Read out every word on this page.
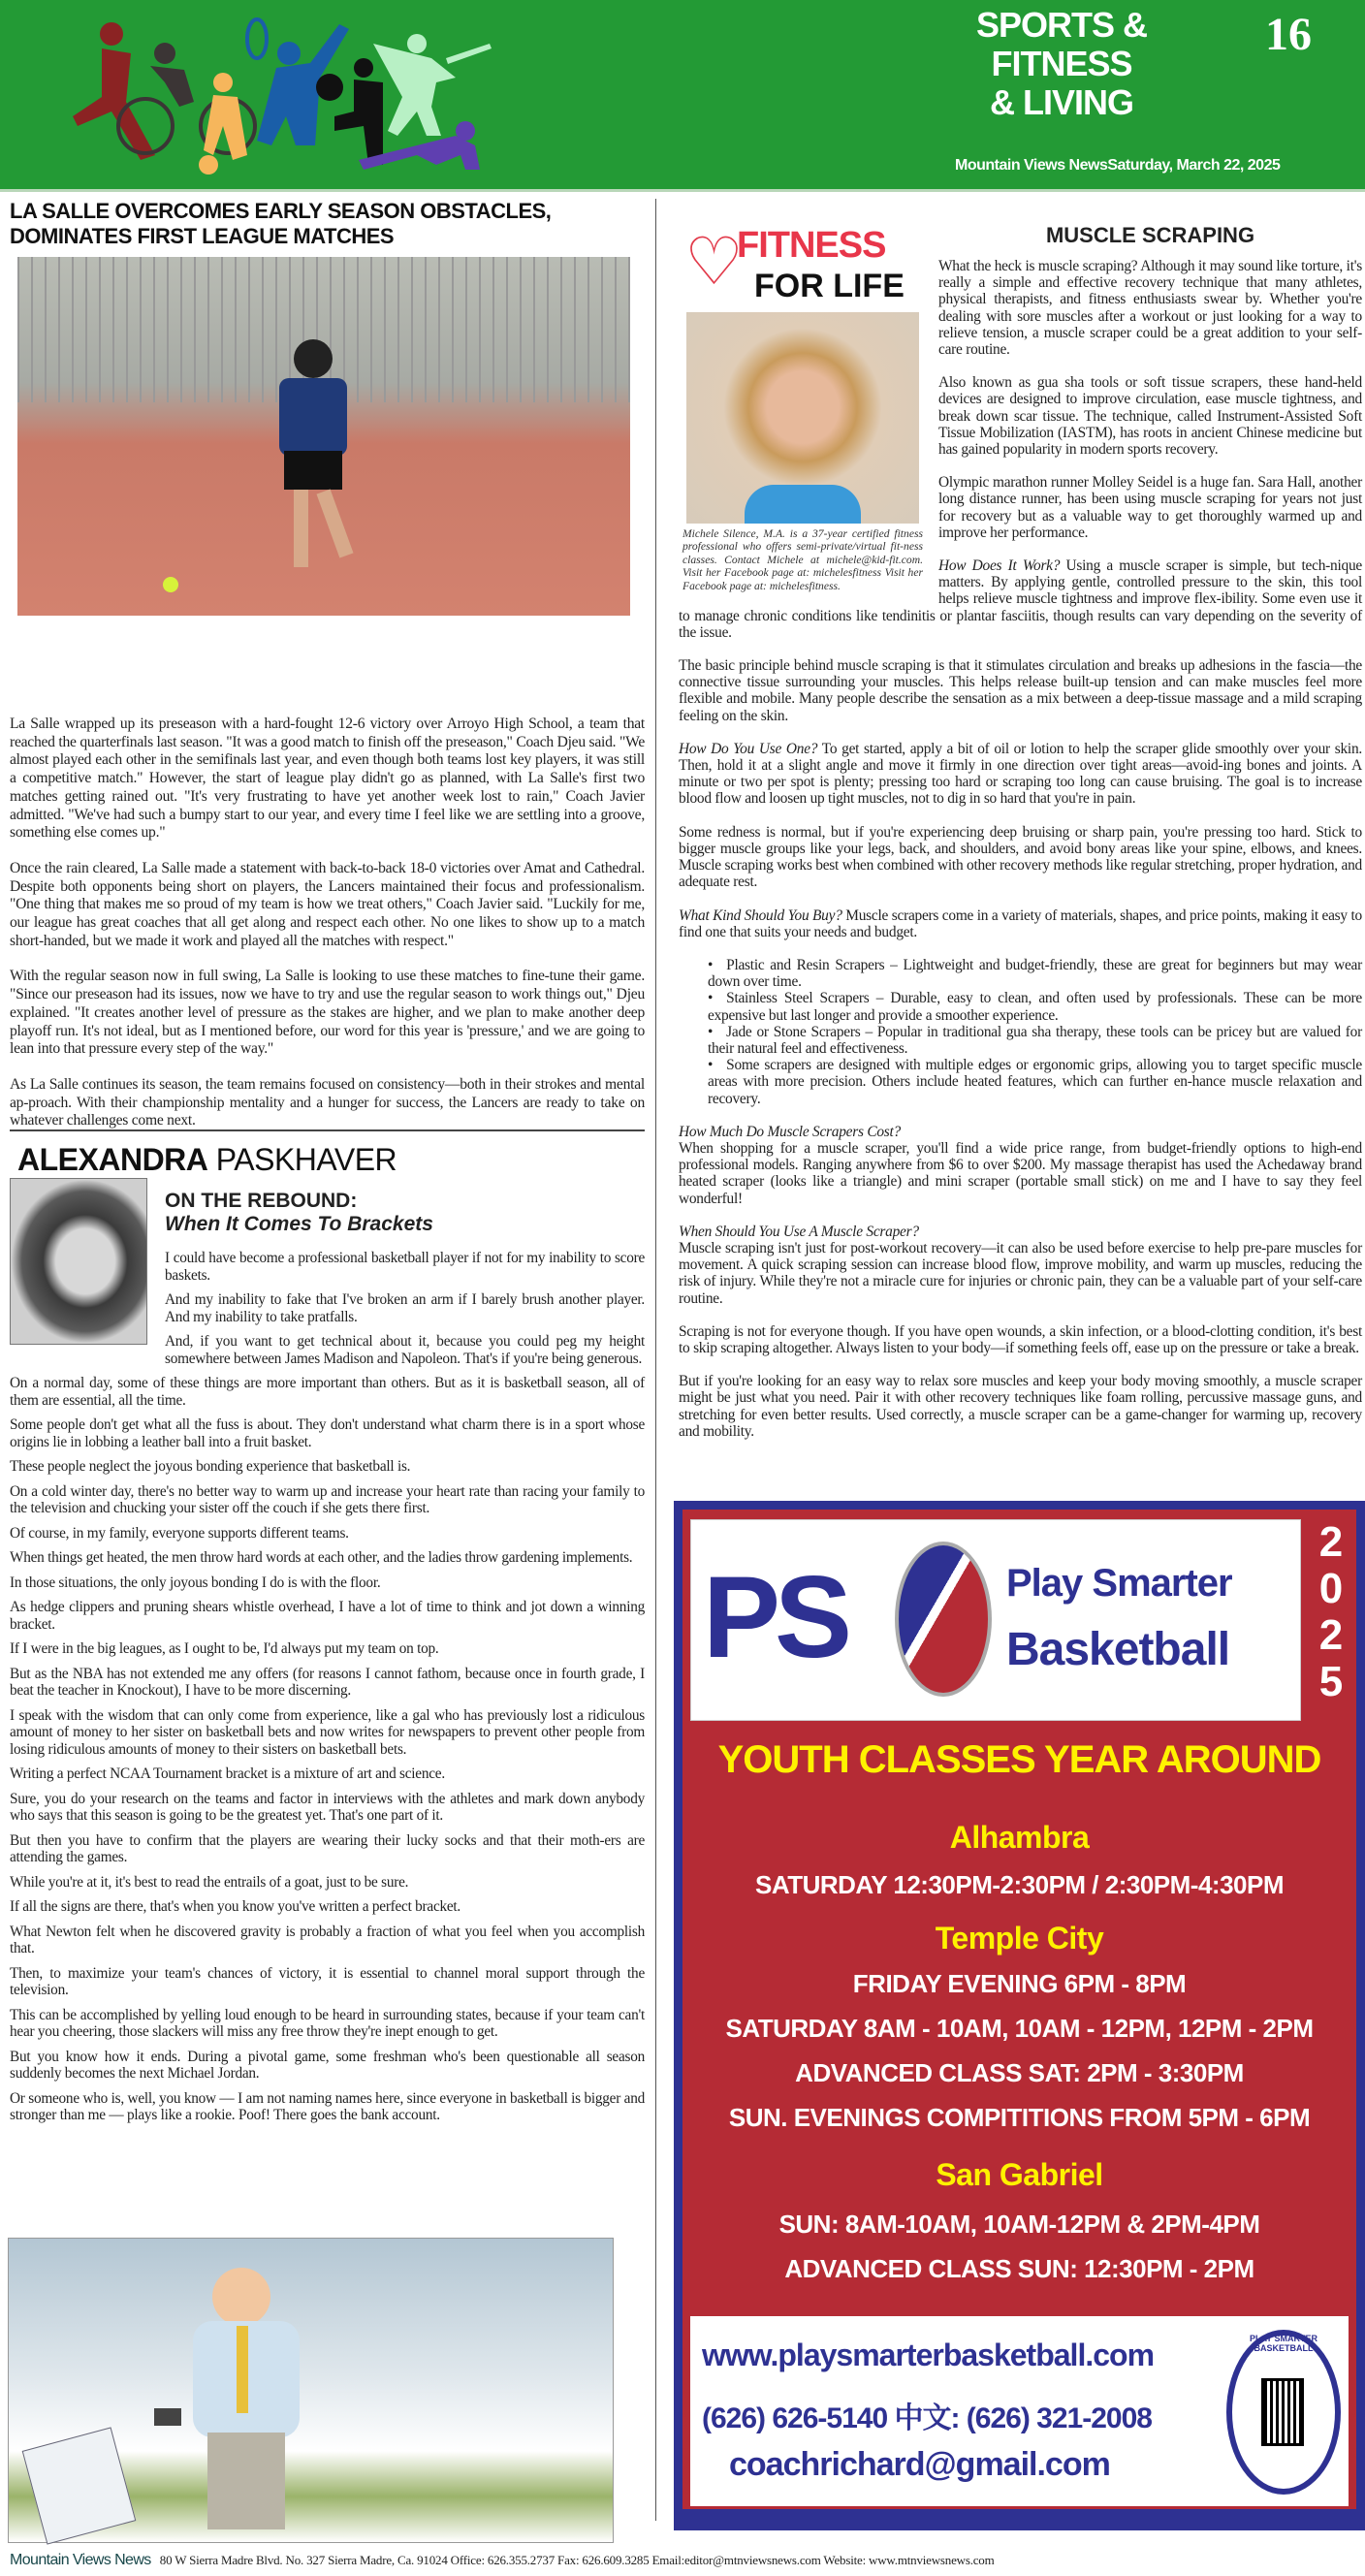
SPORTS &
FITNESS
& LIVING
16
Mountain Views NewsSaturday, March 22, 2025
LA SALLE OVERCOMES EARLY SEASON OBSTACLES, DOMINATES FIRST LEAGUE MATCHES

La Salle wrapped up its preseason with a hard-fought 12-6 victory over Arroyo High School, a team that reached the quarterfinals last season. "It was a good match to finish off the preseason," Coach Djeu said. "We almost played each other in the semifinals last year, and even though both teams lost key players, it was still a competitive match." However, the start of league play didn't go as planned, with La Salle's first two matches getting rained out. "It's very frustrating to have yet another week lost to rain," Coach Javier admitted. "We've had such a bumpy start to our year, and every time I feel like we are settling into a groove, something else comes up."

Once the rain cleared, La Salle made a statement with back-to-back 18-0 victories over Amat and Cathedral. Despite both opponents being short on players, the Lancers maintained their focus and professionalism. "One thing that makes me so proud of my team is how we treat others," Coach Javier said. "Luckily for me, our league has great coaches that all get along and respect each other. No one likes to show up to a match short-handed, but we made it work and played all the matches with respect."

With the regular season now in full swing, La Salle is looking to use these matches to fine-tune their game. "Since our preseason had its issues, now we have to try and use the regular season to work things out," Djeu explained. "It creates another level of pressure as the stakes are higher, and we plan to make another deep playoff run. It's not ideal, but as I mentioned before, our word for this year is 'pressure,' and we are going to lean into that pressure every step of the way."

As La Salle continues its season, the team remains focused on consistency—both in their strokes and mental ap-proach. With their championship mentality and a hunger for success, the Lancers are ready to take on whatever challenges come next.

ALEXANDRA PASKHAVER
ON THE REBOUND:
When It Comes To Brackets

I could have become a professional basketball player if not for my inability to score baskets.

And my inability to fake that I've broken an arm if I barely brush another player. And my inability to take pratfalls.

And, if you want to get technical about it, because you could peg my height somewhere between James Madison and Napoleon. That's if you're being generous.

On a normal day, some of these things are more important than others. But as it is basketball season, all of them are essential, all the time.

Some people don't get what all the fuss is about. They don't understand what charm there is in a sport whose origins lie in lobbing a leather ball into a fruit basket.

These people neglect the joyous bonding experience that basketball is.

On a cold winter day, there's no better way to warm up and increase your heart rate than racing your family to the television and chucking your sister off the couch if she gets there first.

Of course, in my family, everyone supports different teams.

When things get heated, the men throw hard words at each other, and the ladies throw gardening implements.

In those situations, the only joyous bonding I do is with the floor.

As hedge clippers and pruning shears whistle overhead, I have a lot of time to think and jot down a winning bracket.

If I were in the big leagues, as I ought to be, I'd always put my team on top.

But as the NBA has not extended me any offers (for reasons I cannot fathom, because once in fourth grade, I beat the teacher in Knockout), I have to be more discerning.

I speak with the wisdom that can only come from experience, like a gal who has previously lost a ridiculous amount of money to her sister on basketball bets and now writes for newspapers to prevent other people from losing ridiculous amounts of money to their sisters on basketball bets.

Writing a perfect NCAA Tournament bracket is a mixture of art and science.

Sure, you do your research on the teams and factor in interviews with the athletes and mark down anybody who says that this season is going to be the greatest yet. That's one part of it.

But then you have to confirm that the players are wearing their lucky socks and that their moth-ers are attending the games.

While you're at it, it's best to read the entrails of a goat, just to be sure.

If all the signs are there, that's when you know you've written a perfect bracket.

What Newton felt when he discovered gravity is probably a fraction of what you feel when you accomplish that.

Then, to maximize your team's chances of victory, it is essential to channel moral support through the television.

This can be accomplished by yelling loud enough to be heard in surrounding states, because if your team can't hear you cheering, those slackers will miss any free throw they're inept enough to get.

But you know how it ends. During a pivotal game, some freshman who's been questionable all season suddenly becomes the next Michael Jordan.

Or someone who is, well, you know — I am not naming names here, since everyone in basketball is bigger and stronger than me — plays like a rookie. Poof! There goes the bank account.

♡
FITNESS
FOR LIFE
Michele Silence, M.A. is a 37-year certified fitness professional who offers semi-private/virtual fit-ness classes. Contact Michele at michele@kid-fit.com. Visit her Facebook page at: michelesfitness Visit her Facebook page at: michelesfitness.
MUSCLE SCRAPING

What the heck is muscle scraping? Although it may sound like torture, it's really a simple and effective recovery technique that many athletes, physical therapists, and fitness enthusiasts swear by. Whether you're dealing with sore muscles after a workout or just looking for a way to relieve tension, a muscle scraper could be a great addition to your self-care routine.

Also known as gua sha tools or soft tissue scrapers, these hand-held devices are designed to improve circulation, ease muscle tightness, and break down scar tissue. The technique, called Instrument-Assisted Soft Tissue Mobilization (IASTM), has roots in ancient Chinese medicine but has gained popularity in modern sports recovery.

Olympic marathon runner Molley Seidel is a huge fan. Sara Hall, another long distance runner, has been using muscle scraping for years not just for recovery but as a valuable way to get thoroughly warmed up and improve her performance.

How Does It Work? Using a muscle scraper is simple, but tech-nique matters. By applying gentle, controlled pressure to the skin, this tool helps relieve muscle tightness and improve flex-ibility. Some even use it to manage chronic conditions like tendinitis or plantar fasciitis, though results can vary depending on the severity of the issue.

The basic principle behind muscle scraping is that it stimulates circulation and breaks up adhesions in the fascia—the connective tissue surrounding your muscles. This helps release built-up tension and can make muscles feel more flexible and mobile. Many people describe the sensation as a mix between a deep-tissue massage and a mild scraping feeling on the skin.

How Do You Use One? To get started, apply a bit of oil or lotion to help the scraper glide smoothly over your skin. Then, hold it at a slight angle and move it firmly in one direction over tight areas—avoid-ing bones and joints. A minute or two per spot is plenty; pressing too hard or scraping too long can cause bruising. The goal is to increase blood flow and loosen up tight muscles, not to dig in so hard that you're in pain.

Some redness is normal, but if you're experiencing deep bruising or sharp pain, you're pressing too hard. Stick to bigger muscle groups like your legs, back, and shoulders, and avoid bony areas like your spine, elbows, and knees. Muscle scraping works best when combined with other recovery methods like regular stretching, proper hydration, and adequate rest.

What Kind Should You Buy? Muscle scrapers come in a variety of materials, shapes, and price points, making it easy to find one that suits your needs and budget.

• Plastic and Resin Scrapers – Lightweight and budget-friendly, these are great for beginners but may wear down over time.
• Stainless Steel Scrapers – Durable, easy to clean, and often used by professionals. These can be more expensive but last longer and provide a smoother experience.
• Jade or Stone Scrapers – Popular in traditional gua sha therapy, these tools can be pricey but are valued for their natural feel and effectiveness.
• Some scrapers are designed with multiple edges or ergonomic grips, allowing you to target specific muscle areas with more precision. Others include heated features, which can further en-hance muscle relaxation and recovery.

How Much Do Muscle Scrapers Cost?

When shopping for a muscle scraper, you'll find a wide price range, from budget-friendly options to high-end professional models. Ranging anywhere from $6 to over $200. My massage therapist has used the Achedaway brand heated scraper (looks like a triangle) and mini scraper (portable small stick) on me and I have to say they feel wonderful!

When Should You Use A Muscle Scraper?

Muscle scraping isn't just for post-workout recovery—it can also be used before exercise to help pre-pare muscles for movement. A quick scraping session can increase blood flow, improve mobility, and warm up muscles, reducing the risk of injury. While they're not a miracle cure for injuries or chronic pain, they can be a valuable part of your self-care routine.

Scraping is not for everyone though. If you have open wounds, a skin infection, or a blood-clotting condition, it's best to skip scraping altogether. Always listen to your body—if something feels off, ease up on the pressure or take a break.

But if you're looking for an easy way to relax sore muscles and keep your body moving smoothly, a muscle scraper might be just what you need. Pair it with other recovery techniques like foam rolling, percussive massage guns, and stretching for even better results. Used correctly, a muscle scraper can be a game-changer for warming up, recovery and mobility.

PS	Play Smarter
Basketball
2
0
2
5
YOUTH CLASSES YEAR AROUND
Alhambra
SATURDAY 12:30PM-2:30PM / 2:30PM-4:30PM
Temple City
FRIDAY EVENING 6PM - 8PM
SATURDAY 8AM - 10AM, 10AM - 12PM, 12PM - 2PM
ADVANCED CLASS SAT: 2PM - 3:30PM
SUN. EVENINGS COMPITITIONS FROM 5PM - 6PM
San Gabriel
SUN: 8AM-10AM, 10AM-12PM & 2PM-4PM
ADVANCED CLASS SUN: 12:30PM - 2PM
www.playsmarterbasketball.com
(626) 626-5140 中文: (626) 321-2008
coachrichard@gmail.com
PLAY SMARTER BASKETBALL
Mountain Views News 80 W Sierra Madre Blvd. No. 327 Sierra Madre, Ca. 91024 Office: 626.355.2737 Fax: 626.609.3285 Email:editor@mtnviewsnews.com Website: www.mtnviewsnews.com
